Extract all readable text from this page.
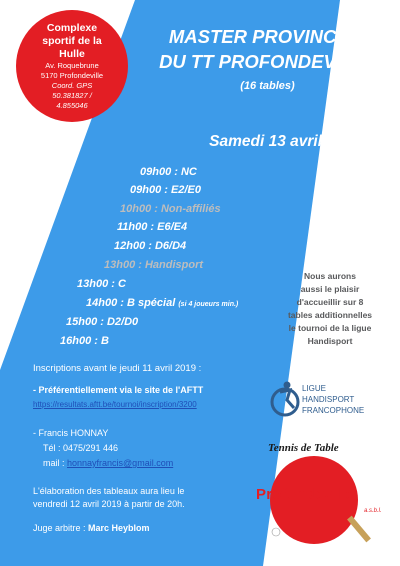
Complexe
sportif de la
Hulle
Av. Roquebrune
5170 Profondeville
Coord. GPS
50.381827 /
4.855046
MASTER PROVINCIAL
DU TT PROFONDEVILLE
(16 tables)
Samedi 13 avril 2019
09h00 : NC
09h00 : E2/E0
10h00 : Non-affiliés
11h00 : E6/E4
12h00 : D6/D4
13h00 : Handisport
13h00 : C
14h00 : B spécial (si 4 joueurs min.)
15h00 : D2/D0
16h00 : B
Nous aurons
aussi le plaisir
d'accueillir sur 8
tables additionnelles
le tournoi de la ligue
Handisport
Inscriptions avant le jeudi 11 avril 2019 :
- Préférentiellement via le site de l'AFTT
https://resultats.aftt.be/tournoi/inscription/3200
- Francis HONNAY
Tél : 0475/291 446
mail : honnayfrancis@gmail.com
L'élaboration des tableaux aura lieu le
vendredi 12 avril 2019 à partir de 20h.
Juge arbitre : Marc Heyblom
LIGUE
HANDISPORT
FRANCOPHONE
Tennis de Table
Profondeville
a.s.b.l.
